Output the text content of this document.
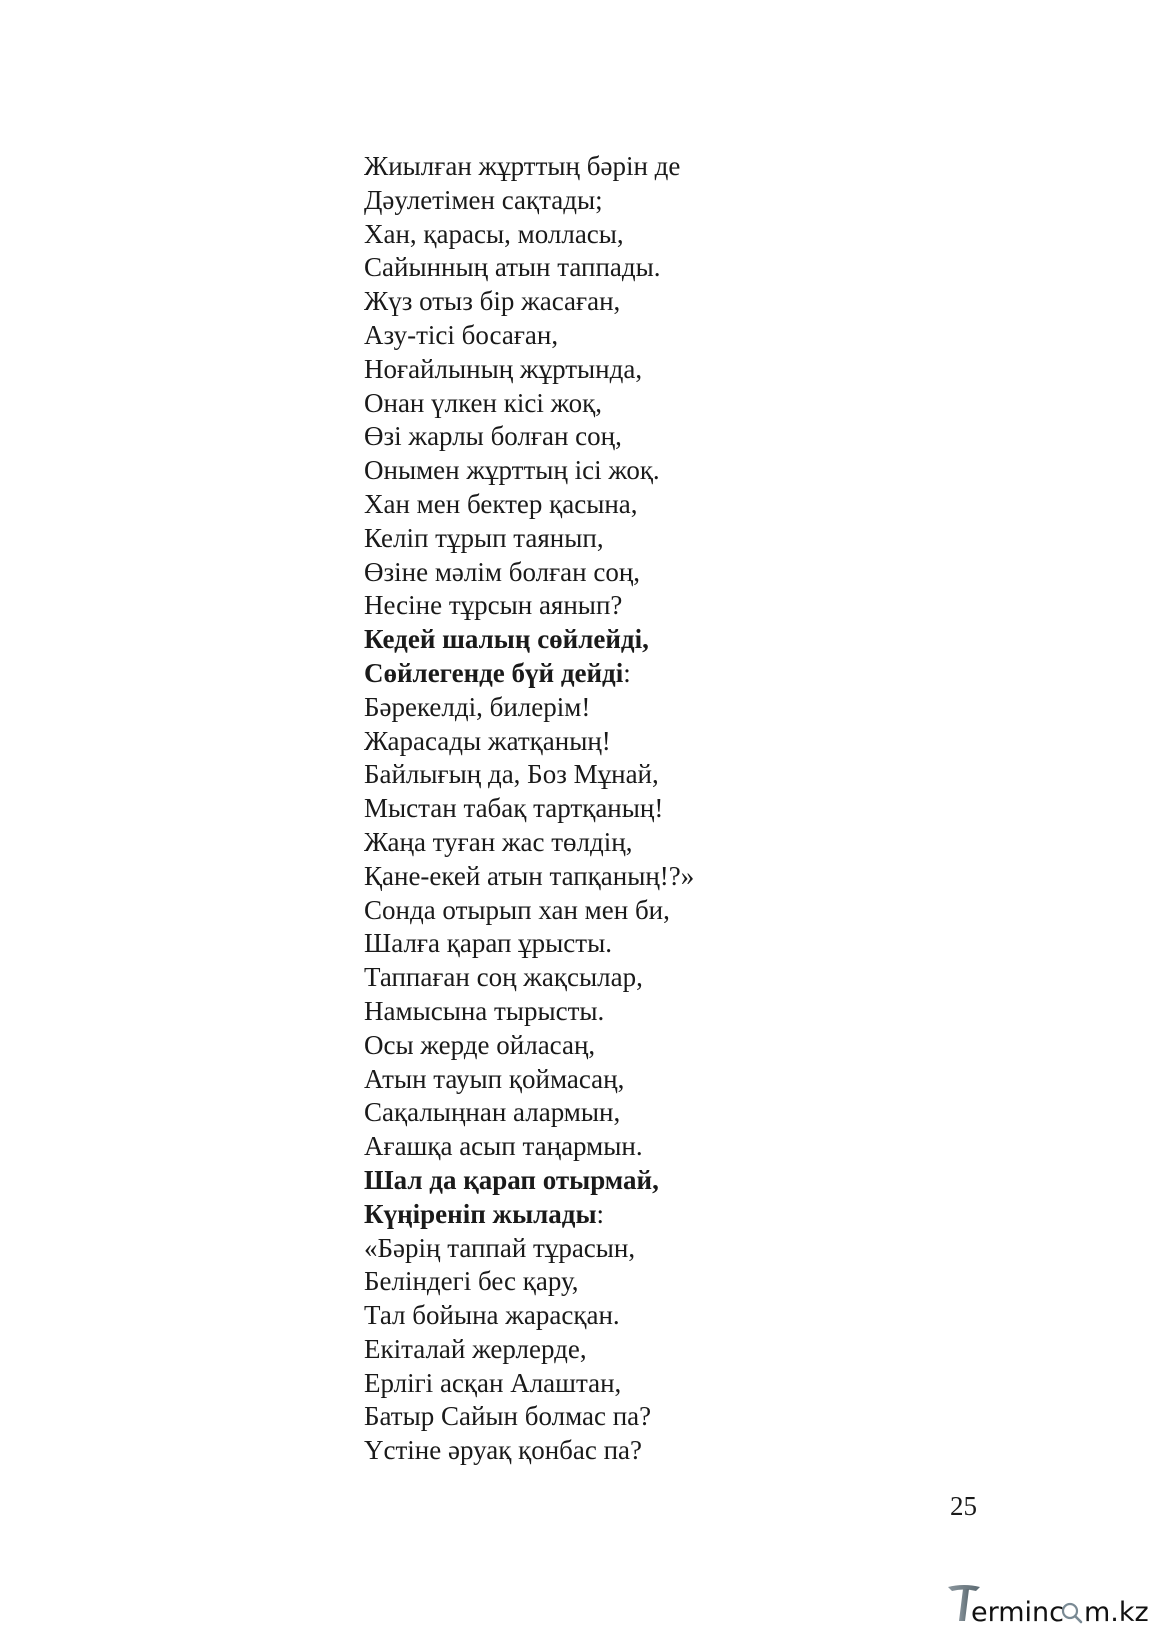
Жиылған жұрттың бәрін де
Дәулетімен сақтады;
Хан, қарасы, молласы,
Сайынның атын таппады.
Жүз отыз бір жасаған,
Азу-тісі босаған,
Ноғайлының жұртында,
Онан үлкен кісі жоқ,
Өзі жарлы болған соң,
Онымен жұрттың ісі жоқ.
Хан мен бектер қасына,
Келіп тұрып таянып,
Өзіне мәлім болған соң,
Несіне тұрсын аянып?
Кедей шалың сөйлейді,
Сөйлегенде бүй дейді:
Бәрекелді, билерім!
Жарасады жатқаның!
Байлығың да, Боз Мұнай,
Мыстан табақ тартқаның!
Жаңа туған жас төлдің,
Қане-екей атын тапқаның!?»
Сонда отырып хан мен би,
Шалға қарап ұрысты.
Таппаған соң жақсылар,
Намысына тырысты.
Осы жерде ойласаң,
Атын тауып қоймасаң,
Сақалыңнан алармын,
Ағашқа асып таңармын.
Шал да қарап отырмай,
Күңіреніп жылады:
«Бәрің таппай тұрасын,
Беліндегі бес қару,
Тал бойына жарасқан.
Екіталай жерлерде,
Ерлігі асқан Алаштан,
Батыр Сайын болмас па?
Үстіне әруақ қонбас па?
25
erminc m.kz
